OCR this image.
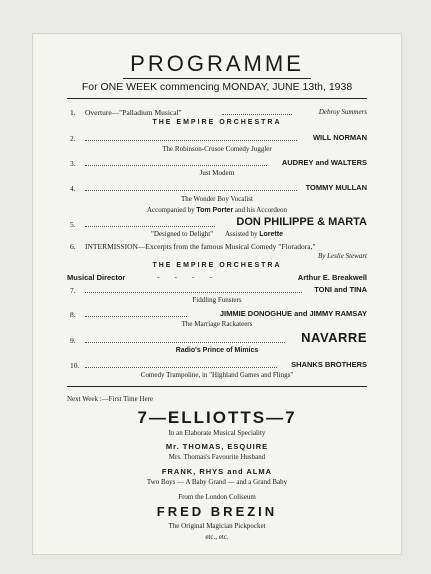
PROGRAMME
For ONE WEEK commencing MONDAY, JUNE 13th, 1938
1. Overture—"Palladium Musical"	Debroy Summers
THE EMPIRE ORCHESTRA
2.	WILL NORMAN
The Robinson-Crusoe Comedy Juggler
3.	AUDREY and WALTERS
Just Modern
4.	TOMMY MULLAN
The Wonder Boy Vocalist
Accompanied by Tom Porter and his Accordeon
5.	DON PHILIPPE & MARTA
"Designed to Delight" Assisted by Lorette
6. INTERMISSION—Excerpts from the famous Musical Comedy "Floradora,"
By Leslie Stewart
THE EMPIRE ORCHESTRA
Musical Director	-        -        -        -	Arthur E. Breakwell
7.	TONI and TINA
Fiddling Funsters
8.	JIMMIE DONOGHUE and JIMMY RAMSAY
The Marriage Rackateers
9.	NAVARRE
Radio's Prince of Mimics
10.	SHANKS BROTHERS
Comedy Trampoline, in "Highland Games and Flings"
Next Week :—First Time Here
7—ELLIOTTS—7
In an Elaborate Musical Speciality
Mr. THOMAS, ESQUIRE
Mrs. Thomas's Favourite Husband
FRANK, RHYS and ALMA
Two Boys — A Baby Grand — and a Grand Baby
From the London Coliseum
FRED BREZIN
The Original Magician Pickpocket
etc., etc.
